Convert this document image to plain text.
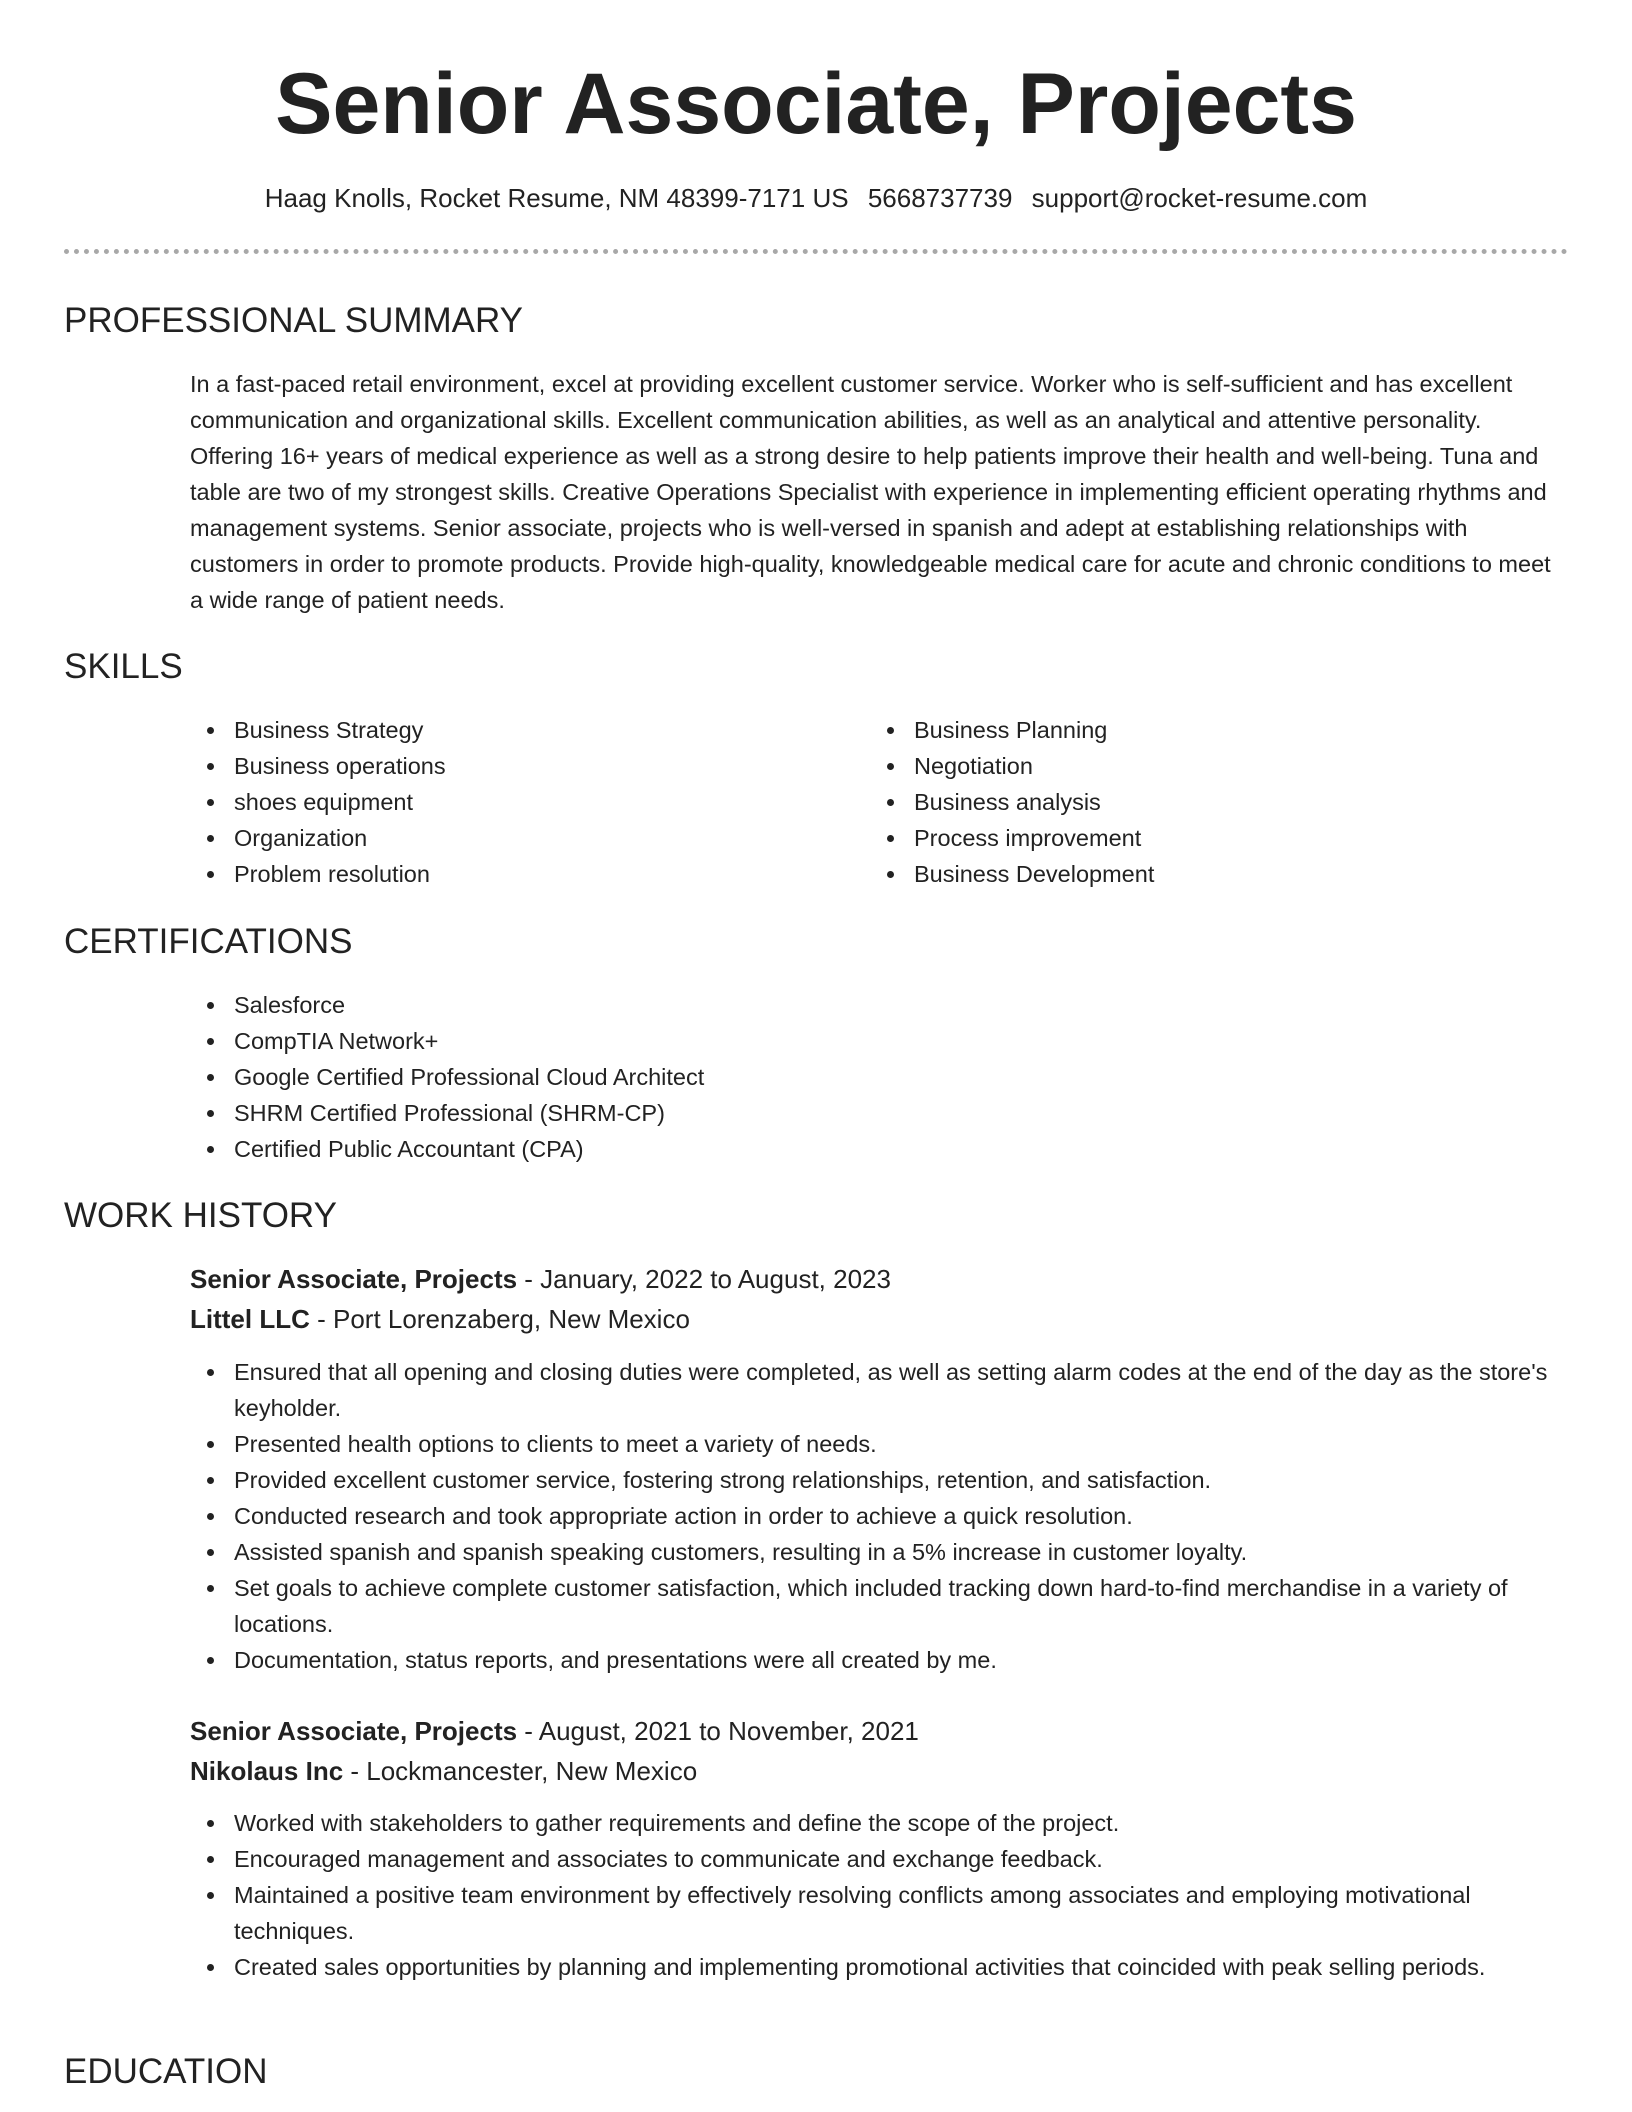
Senior Associate, Projects
Haag Knolls, Rocket Resume, NM 48399-7171 US 5668737739 support@rocket-resume.com
PROFESSIONAL SUMMARY

In a fast-paced retail environment, excel at providing excellent customer service. Worker who is self-sufficient and has excellent communication and organizational skills. Excellent communication abilities, as well as an analytical and attentive personality. Offering 16+ years of medical experience as well as a strong desire to help patients improve their health and well-being. Tuna and table are two of my strongest skills. Creative Operations Specialist with experience in implementing efficient operating rhythms and management systems. Senior associate, projects who is well-versed in spanish and adept at establishing relationships with customers in order to promote products. Provide high-quality, knowledgeable medical care for acute and chronic conditions to meet a wide range of patient needs.

SKILLS
Business Strategy
Business operations
shoes equipment
Organization
Problem resolution
Business Planning
Negotiation
Business analysis
Process improvement
Business Development
CERTIFICATIONS
Salesforce
CompTIA Network+
Google Certified Professional Cloud Architect
SHRM Certified Professional (SHRM-CP)
Certified Public Accountant (CPA)
WORK HISTORY
Senior Associate, Projects - January, 2022 to August, 2023
Littel LLC - Port Lorenzaberg, New Mexico
Ensured that all opening and closing duties were completed, as well as setting alarm codes at the end of the day as the store's keyholder.
Presented health options to clients to meet a variety of needs.
Provided excellent customer service, fostering strong relationships, retention, and satisfaction.
Conducted research and took appropriate action in order to achieve a quick resolution.
Assisted spanish and spanish speaking customers, resulting in a 5% increase in customer loyalty.
Set goals to achieve complete customer satisfaction, which included tracking down hard-to-find merchandise in a variety of locations.
Documentation, status reports, and presentations were all created by me.
Senior Associate, Projects - August, 2021 to November, 2021
Nikolaus Inc - Lockmancester, New Mexico
Worked with stakeholders to gather requirements and define the scope of the project.
Encouraged management and associates to communicate and exchange feedback.
Maintained a positive team environment by effectively resolving conflicts among associates and employing motivational techniques.
Created sales opportunities by planning and implementing promotional activities that coincided with peak selling periods.
EDUCATION
